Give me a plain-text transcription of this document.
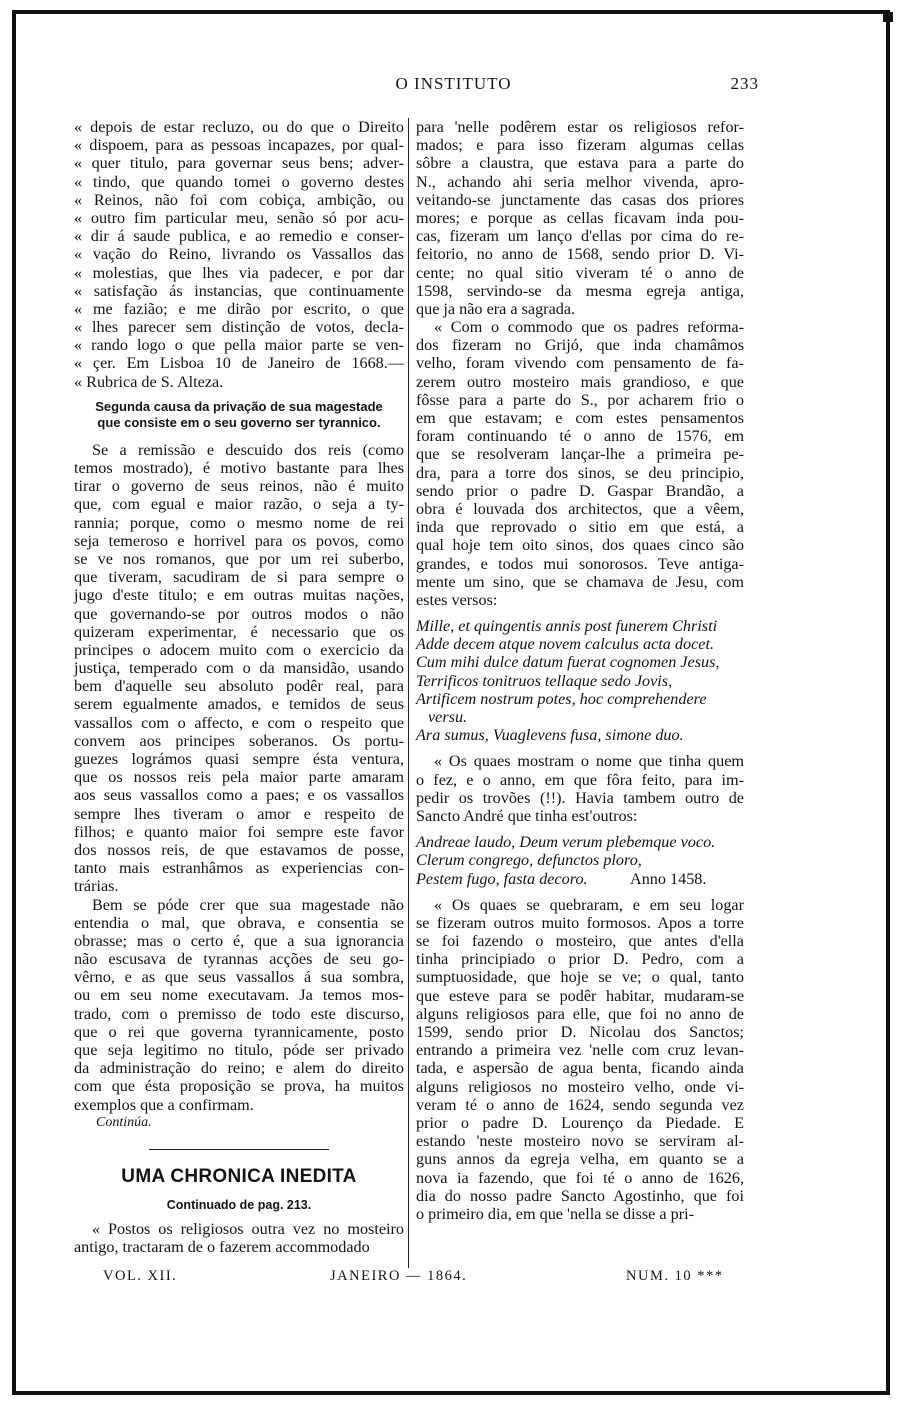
O INSTITUTO	233
« depois de estar recluzo, ou do que o Direito
« dispoem, para as pessoas incapazes, por qual-
« quer titulo, para governar seus bens; adver-
« tindo, que quando tomei o governo destes
« Reinos, não foi com cobiça, ambição, ou
« outro fim particular meu, senão só por acu-
« dir á saude publica, e ao remedio e conser-
« vação do Reino, livrando os Vassallos das
« molestias, que lhes via padecer, e por dar
« satisfação ás instancias, que continuamente
« me fazião; e me dirão por escrito, o que
« lhes parecer sem distinção de votos, decla-
« rando logo o que pella maior parte se ven-
« çer. Em Lisboa 10 de Janeiro de 1668.—
« Rubrica de S. Alteza.
Segunda causa da privação de sua magestade
que consiste em o seu governo ser tyrannico.
Se a remissão e descuido dos reis (como
temos mostrado), é motivo bastante para lhes
tirar o governo de seus reinos, não é muito
que, com egual e maior razão, o seja a ty-
rannia; porque, como o mesmo nome de rei
seja temeroso e horrivel para os povos, como
se ve nos romanos, que por um rei suberbo,
que tiveram, sacudiram de si para sempre o
jugo d'este titulo; e em outras muitas nações,
que governando-se por outros modos o não
quizeram experimentar, é necessario que os
principes o adocem muito com o exercicio da
justiça, temperado com o da mansidão, usando
bem d'aquelle seu absoluto podêr real, para
serem egualmente amados, e temidos de seus
vassallos com o affecto, e com o respeito que
convem aos principes soberanos. Os portu-
guezes lográmos quasi sempre ésta ventura,
que os nossos reis pela maior parte amaram
aos seus vassallos como a paes; e os vassallos
sempre lhes tiveram o amor e respeito de
filhos; e quanto maior foi sempre este favor
dos nossos reis, de que estavamos de posse,
tanto mais estranhâmos as experiencias con-
trárias.
Bem se póde crer que sua magestade não
entendia o mal, que obrava, e consentia se
obrasse; mas o certo é, que a sua ignorancia
não escusava de tyrannas acções de seu go-
vêrno, e as que seus vassallos á sua sombra,
ou em seu nome executavam. Ja temos mos-
trado, com o premisso de todo este discurso,
que o rei que governa tyrannicamente, posto
que seja legitimo no titulo, póde ser privado
da administração do reino; e alem do direito
com que ésta proposição se prova, ha muitos
exemplos que a confirmam.
Continúa.
UMA CHRONICA INEDITA
Continuado de pag. 213.
« Postos os religiosos outra vez no mosteiro
antigo, tractaram de o fazerem accommodado
para 'nelle podêrem estar os religiosos refor-
mados; e para isso fizeram algumas cellas
sôbre a claustra, que estava para a parte do
N., achando ahi seria melhor vivenda, apro-
veitando-se junctamente das casas dos priores
mores; e porque as cellas ficavam inda pou-
cas, fizeram um lanço d'ellas por cima do re-
feitorio, no anno de 1568, sendo prior D. Vi-
cente; no qual sitio viveram té o anno de
1598, servindo-se da mesma egreja antiga,
que ja não era a sagrada.
« Com o commodo que os padres reforma-
dos fizeram no Grijó, que inda chamâmos
velho, foram vivendo com pensamento de fa-
zerem outro mosteiro mais grandioso, e que
fôsse para a parte do S., por acharem frio o
em que estavam; e com estes pensamentos
foram continuando té o anno de 1576, em
que se resolveram lançar-lhe a primeira pe-
dra, para a torre dos sinos, se deu principio,
sendo prior o padre D. Gaspar Brandão, a
obra é louvada dos architectos, que a vêem,
inda que reprovado o sitio em que está, a
qual hoje tem oito sinos, dos quaes cinco são
grandes, e todos mui sonorosos. Teve antiga-
mente um sino, que se chamava de Jesu, com
estes versos:
Mille, et quingentis annis post funerem Christi
Adde decem atque novem calculus acta docet.
Cum mihi dulce datum fuerat cognomen Jesus,
Terrificos tonitruos tellaque sedo Jovis,
Artificem nostrum potes, hoc comprehendere
versu.
Ara sumus, Vuaglevens fusa, simone duo.
« Os quaes mostram o nome que tinha quem
o fez, e o anno, em que fôra feito, para im-
pedir os trovões (!!). Havia tambem outro de
Sancto André que tinha est'outros:
Andreae laudo, Deum verum plebemque voco.
Clerum congrego, defunctos ploro,
Pestem fugo, fasta decoro.	Anno 1458.
« Os quaes se quebraram, e em seu logar
se fizeram outros muito formosos. Apos a torre
se foi fazendo o mosteiro, que antes d'ella
tinha principiado o prior D. Pedro, com a
sumptuosidade, que hoje se ve; o qual, tanto
que esteve para se podêr habitar, mudaram-se
alguns religiosos para elle, que foi no anno de
1599, sendo prior D. Nicolau dos Sanctos;
entrando a primeira vez 'nelle com cruz levan-
tada, e aspersão de agua benta, ficando ainda
alguns religiosos no mosteiro velho, onde vi-
veram té o anno de 1624, sendo segunda vez
prior o padre D. Lourenço da Piedade. E
estando 'neste mosteiro novo se serviram al-
guns annos da egreja velha, em quanto se a
nova ia fazendo, que foi té o anno de 1626,
dia do nosso padre Sancto Agostinho, que foi
o primeiro dia, em que 'nella se disse a pri-
VOL. XII.	JANEIRO — 1864.	NUM. 10 ***
